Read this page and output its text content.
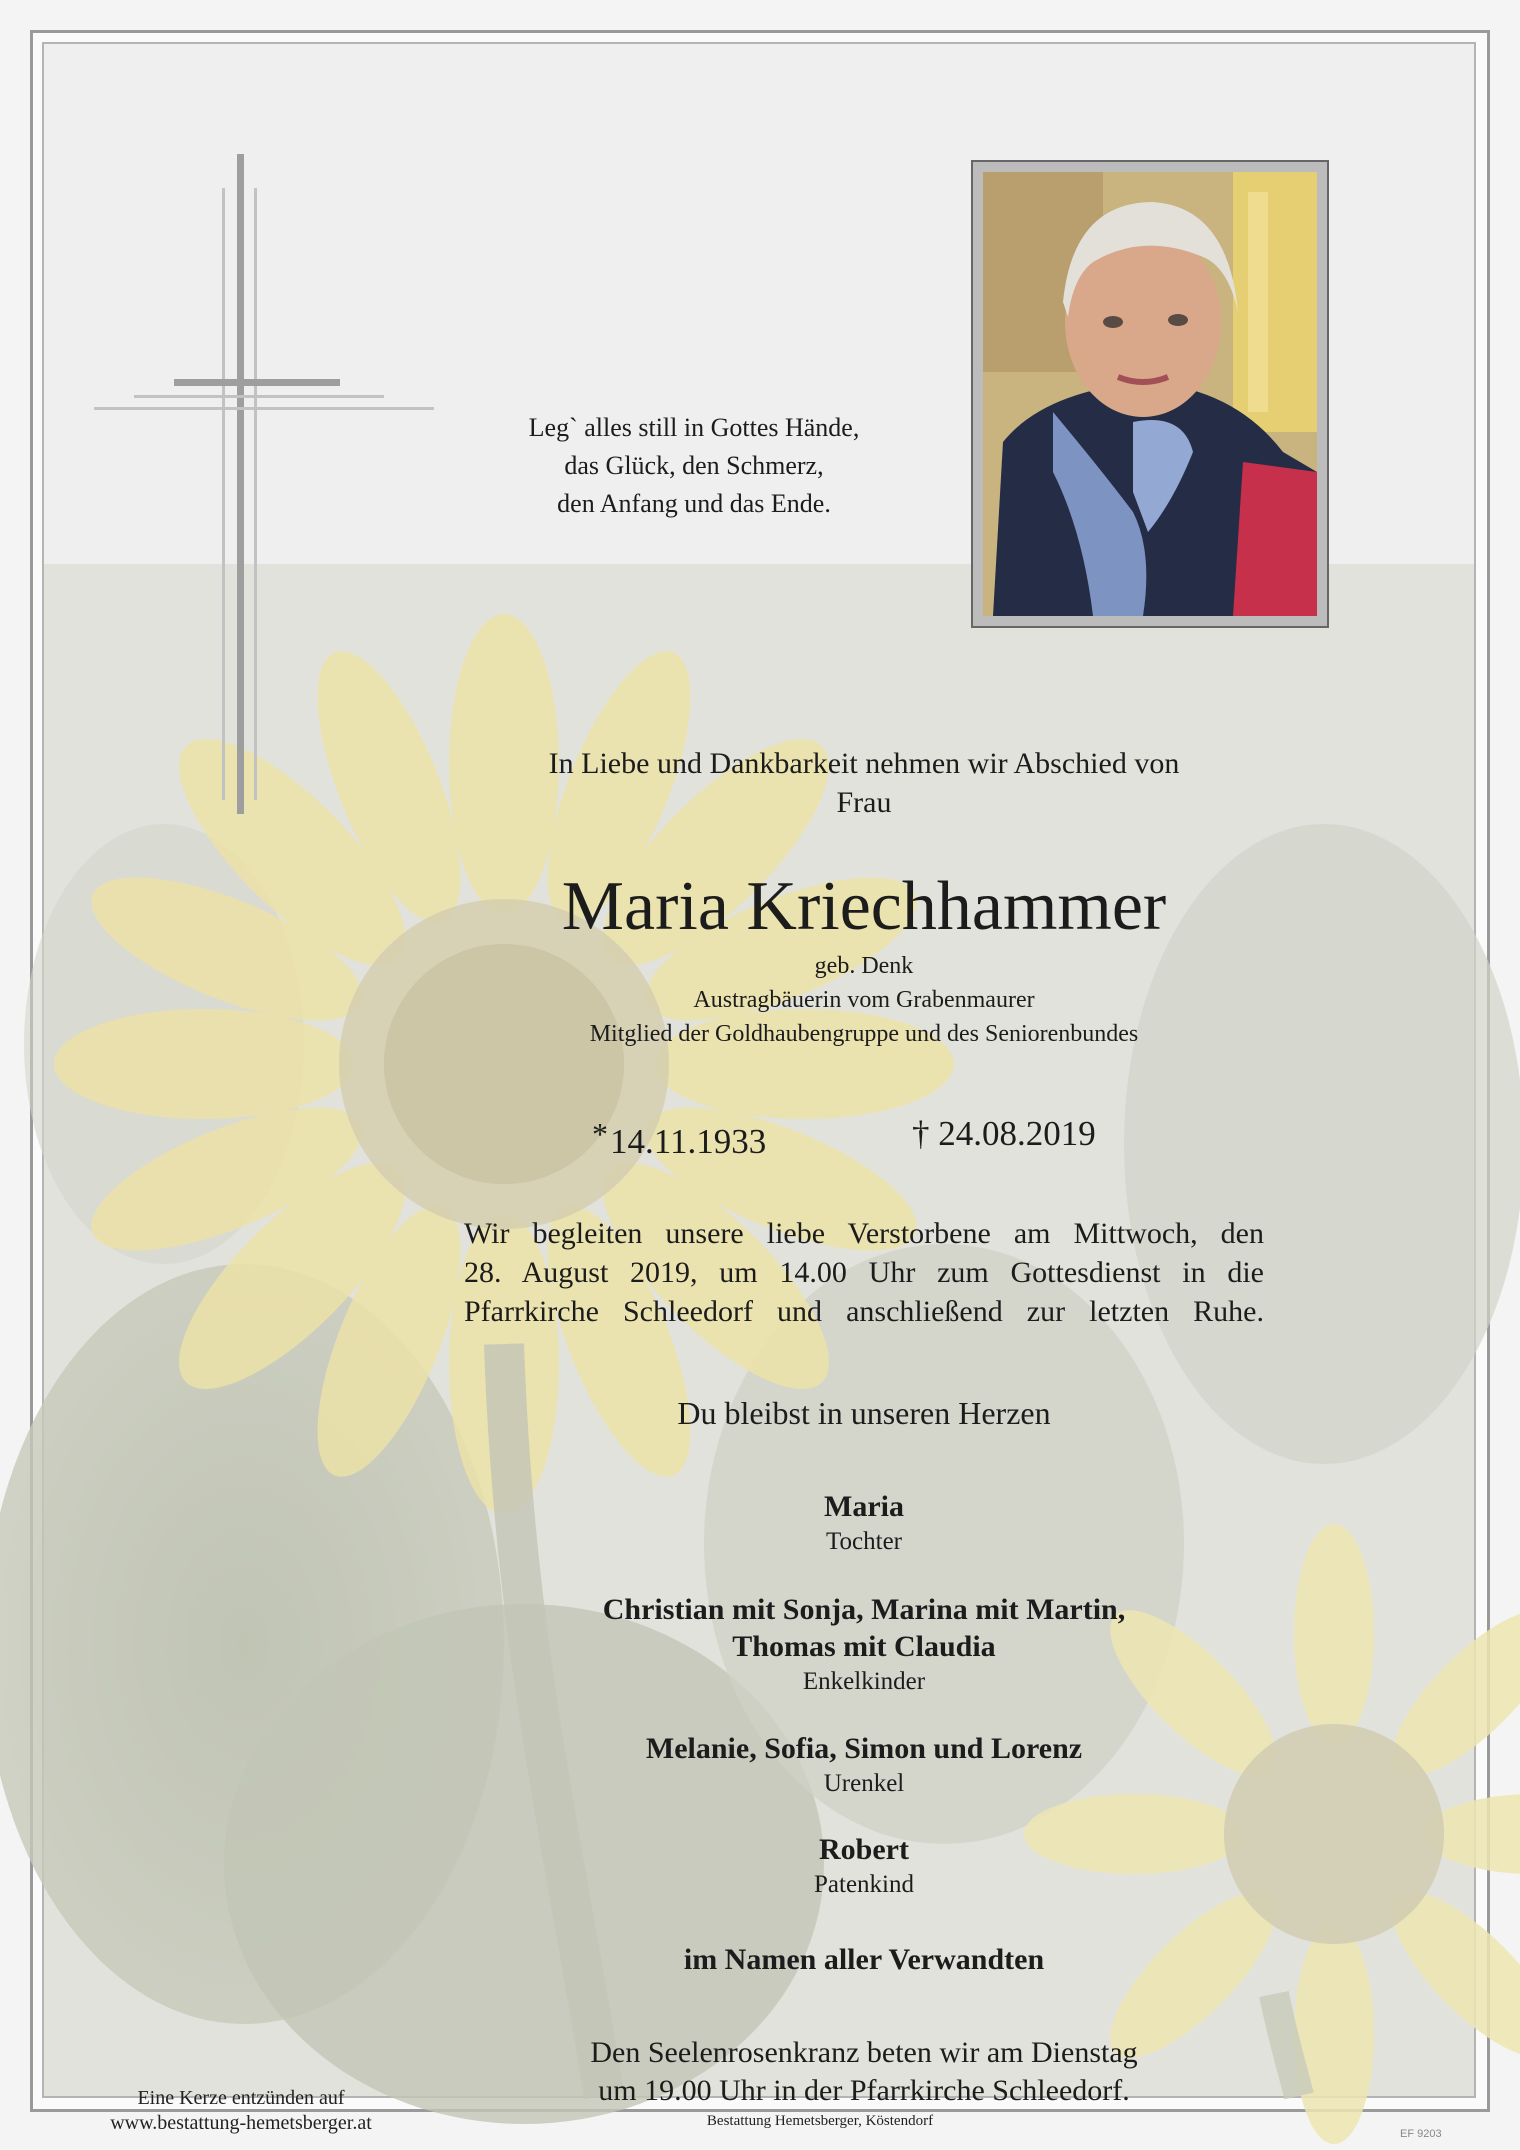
Leg` alles still in Gottes Hände,
das Glück, den Schmerz,
den Anfang und das Ende.
In Liebe und Dankbarkeit nehmen wir Abschied von
Frau
Maria Kriechhammer
geb. Denk
Austragbäuerin vom Grabenmaurer
Mitglied der Goldhaubengruppe und des Seniorenbundes
*14.11.1933	† 24.08.2019
Wir begleiten unsere liebe Verstorbene am Mittwoch, den
28. August 2019, um 14.00 Uhr zum Gottesdienst in die
Pfarrkirche Schleedorf und anschließend zur letzten Ruhe.
Du bleibst in unseren Herzen
Maria
Tochter
Christian mit Sonja, Marina mit Martin,
Thomas mit Claudia
Enkelkinder
Melanie, Sofia, Simon und Lorenz
Urenkel
Robert
Patenkind
im Namen aller Verwandten
Den Seelenrosenkranz beten wir am Dienstag
um 19.00 Uhr in der Pfarrkirche Schleedorf.
Eine Kerze entzünden auf
www.bestattung-hemetsberger.at	Bestattung Hemetsberger, Köstendorf
EF 9203
